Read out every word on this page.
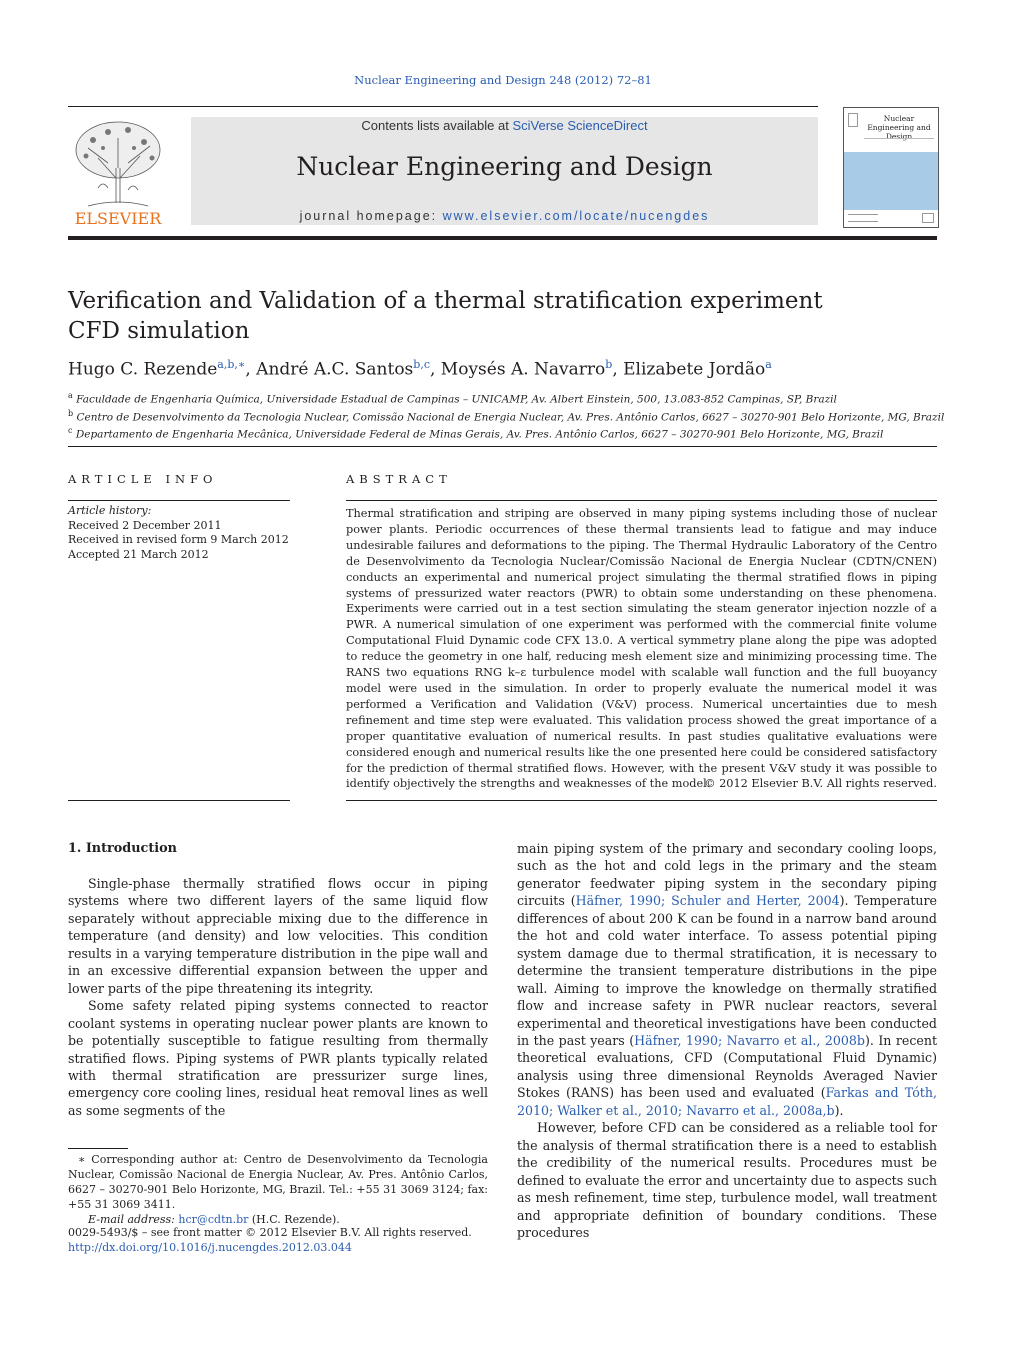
Nuclear Engineering and Design 248 (2012) 72–81
ELSEVIER
Contents lists available at SciVerse ScienceDirect
Nuclear Engineering and Design
journal homepage: www.elsevier.com/locate/nucengdes
Nuclear Engineering and Design
Verification and Validation of a thermal stratification experiment CFD simulation
Hugo C. Rezende$^{a,b,∗}$, André A.C. Santos$^{b,c}$, Moysés A. Navarro$^b$, Elizabete Jordão$^a$
$^a$ Faculdade de Engenharia Química, Universidade Estadual de Campinas – UNICAMP, Av. Albert Einstein, 500, 13.083-852 Campinas, SP, Brazil
$^b$ Centro de Desenvolvimento da Tecnologia Nuclear, Comissão Nacional de Energia Nuclear, Av. Pres. Antônio Carlos, 6627 – 30270-901 Belo Horizonte, MG, Brazil
$^c$ Departamento de Engenharia Mecânica, Universidade Federal de Minas Gerais, Av. Pres. Antônio Carlos, 6627 – 30270-901 Belo Horizonte, MG, Brazil
ARTICLE INFO	ABSTRACT
Article history:
Received 2 December 2011
Received in revised form 9 March 2012
Accepted 21 March 2012
Thermal stratification and striping are observed in many piping systems including those of nuclear power plants. Periodic occurrences of these thermal transients lead to fatigue and may induce undesirable failures and deformations to the piping. The Thermal Hydraulic Laboratory of the Centro de Desenvolvimento da Tecnologia Nuclear/Comissão Nacional de Energia Nuclear (CDTN/CNEN) conducts an experimental and numerical project simulating the thermal stratified flows in piping systems of pressurized water reactors (PWR) to obtain some understanding on these phenomena. Experiments were carried out in a test section simulating the steam generator injection nozzle of a PWR. A numerical simulation of one experiment was performed with the commercial finite volume Computational Fluid Dynamic code CFX 13.0. A vertical symmetry plane along the pipe was adopted to reduce the geometry in one half, reducing mesh element size and minimizing processing time. The RANS two equations RNG k–ε turbulence model with scalable wall function and the full buoyancy model were used in the simulation. In order to properly evaluate the numerical model it was performed a Verification and Validation (V&V) process. Numerical uncertainties due to mesh refinement and time step were evaluated. This validation process showed the great importance of a proper quantitative evaluation of numerical results. In past studies qualitative evaluations were considered enough and numerical results like the one presented here could be considered satisfactory for the prediction of thermal stratified flows. However, with the present V&V study it was possible to identify objectively the strengths and weaknesses of the model.
© 2012 Elsevier B.V. All rights reserved.
1. Introduction

Single-phase thermally stratified flows occur in piping systems where two different layers of the same liquid flow separately without appreciable mixing due to the difference in temperature (and density) and low velocities. This condition results in a varying temperature distribution in the pipe wall and in an excessive differential expansion between the upper and lower parts of the pipe threatening its integrity.

Some safety related piping systems connected to reactor coolant systems in operating nuclear power plants are known to be potentially susceptible to fatigue resulting from thermally stratified flows. Piping systems of PWR plants typically related with thermal stratification are pressurizer surge lines, emergency core cooling lines, residual heat removal lines as well as some segments of the

main piping system of the primary and secondary cooling loops, such as the hot and cold legs in the primary and the steam generator feedwater piping system in the secondary piping circuits (Häfner, 1990; Schuler and Herter, 2004). Temperature differences of about 200 K can be found in a narrow band around the hot and cold water interface. To assess potential piping system damage due to thermal stratification, it is necessary to determine the transient temperature distributions in the pipe wall. Aiming to improve the knowledge on thermally stratified flow and increase safety in PWR nuclear reactors, several experimental and theoretical investigations have been conducted in the past years (Häfner, 1990; Navarro et al., 2008b). In recent theoretical evaluations, CFD (Computational Fluid Dynamic) analysis using three dimensional Reynolds Averaged Navier Stokes (RANS) has been used and evaluated (Farkas and Tóth, 2010; Walker et al., 2010; Navarro et al., 2008a,b).

However, before CFD can be considered as a reliable tool for the analysis of thermal stratification there is a need to establish the credibility of the numerical results. Procedures must be defined to evaluate the error and uncertainty due to aspects such as mesh refinement, time step, turbulence model, wall treatment and appropriate definition of boundary conditions. These procedures

∗ Corresponding author at: Centro de Desenvolvimento da Tecnologia Nuclear, Comissão Nacional de Energia Nuclear, Av. Pres. Antônio Carlos, 6627 – 30270-901 Belo Horizonte, MG, Brazil. Tel.: +55 31 3069 3124; fax: +55 31 3069 3411.
E-mail address: hcr@cdtn.br (H.C. Rezende).
0029-5493/$ – see front matter © 2012 Elsevier B.V. All rights reserved.
http://dx.doi.org/10.1016/j.nucengdes.2012.03.044
